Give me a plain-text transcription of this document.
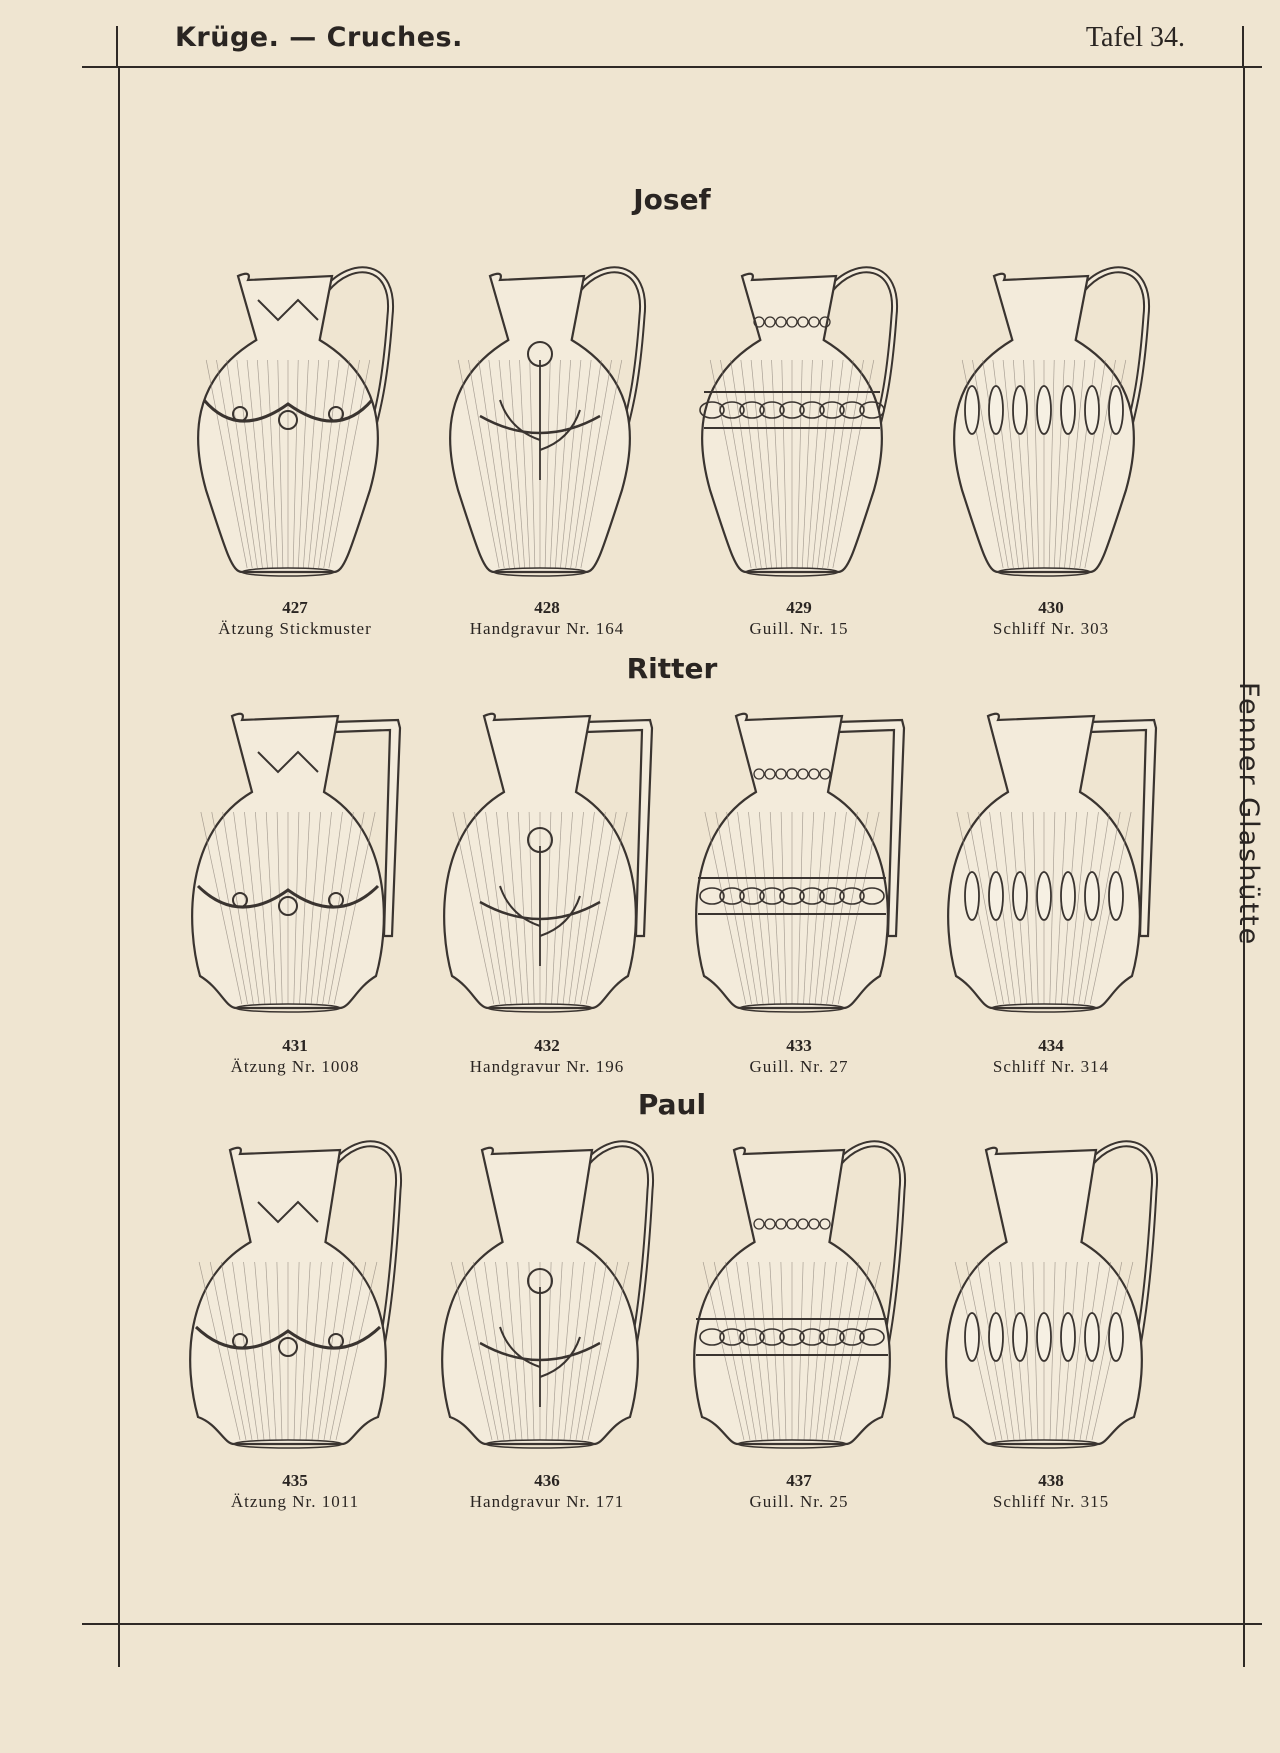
Krüge. — Cruches.	Tafel 34.
Fenner Glashütte
Josef
Ritter
Paul
427
Ätzung Stickmuster
428
Handgravur Nr. 164
429
Guill. Nr. 15
430
Schliff Nr. 303
431
Ätzung Nr. 1008
432
Handgravur Nr. 196
433
Guill. Nr. 27
434
Schliff Nr. 314
435
Ätzung Nr. 1011
436
Handgravur Nr. 171
437
Guill. Nr. 25
438
Schliff Nr. 315
